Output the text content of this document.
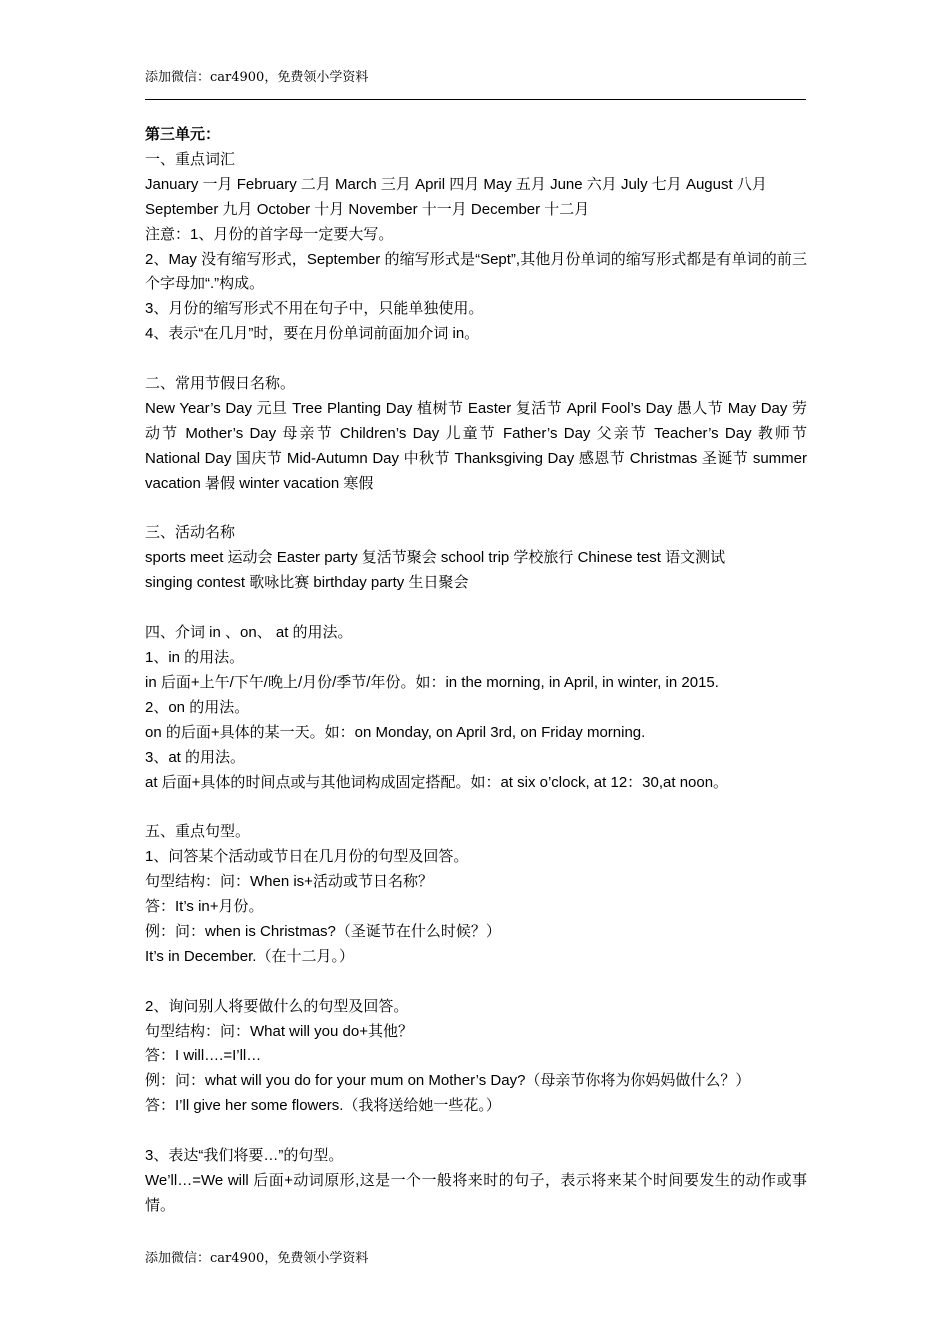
添加微信：car4900，免费领小学资料

第三单元：

一、重点词汇

January 一月 February 二月 March 三月 April 四月 May 五月 June 六月 July 七月 August 八月

September 九月 October 十月 November 十一月 December 十二月

注意：1、月份的首字母一定要大写。

2、May 没有缩写形式，September 的缩写形式是“Sept”,其他月份单词的缩写形式都是有单词的前三个字母加“.”构成。

3、月份的缩写形式不用在句子中，只能单独使用。

4、表示“在几月”时，要在月份单词前面加介词 in。

二、常用节假日名称。

New Year’s Day 元旦 Tree Planting Day 植树节 Easter 复活节 April Fool’s Day 愚人节 May Day 劳动节 Mother’s Day 母亲节 Children’s Day 儿童节 Father’s Day 父亲节 Teacher’s Day 教师节 National Day 国庆节 Mid-Autumn Day 中秋节 Thanksgiving Day 感恩节 Christmas 圣诞节 summer vacation 暑假 winter vacation 寒假

三、活动名称

sports meet 运动会 Easter party 复活节聚会 school trip 学校旅行 Chinese test 语文测试

singing contest 歌咏比赛 birthday party 生日聚会

四、介词 in 、on、 at 的用法。

1、in 的用法。

in 后面+上午/下午/晚上/月份/季节/年份。如：in the morning, in April, in winter, in 2015.

2、on 的用法。

on 的后面+具体的某一天。如：on Monday, on April 3rd, on Friday morning.

3、at 的用法。

at 后面+具体的时间点或与其他词构成固定搭配。如：at six o’clock, at 12：30,at noon。

五、重点句型。

1、问答某个活动或节日在几月份的句型及回答。

句型结构：问：When is+活动或节日名称？

答：It’s in+月份。

例：问：when is Christmas?（圣诞节在什么时候？）

It’s in December.（在十二月。）

2、询问别人将要做什么的句型及回答。

句型结构：问：What will you do+其他？

答：I will….=I’ll…

例：问：what will you do for your mum on Mother’s Day?（母亲节你将为你妈妈做什么？）

答：I’ll give her some flowers.（我将送给她一些花。）

3、表达“我们将要…”的句型。

We’ll…=We will 后面+动词原形,这是一个一般将来时的句子，表示将来某个时间要发生的动作或事情。

添加微信：car4900，免费领小学资料
